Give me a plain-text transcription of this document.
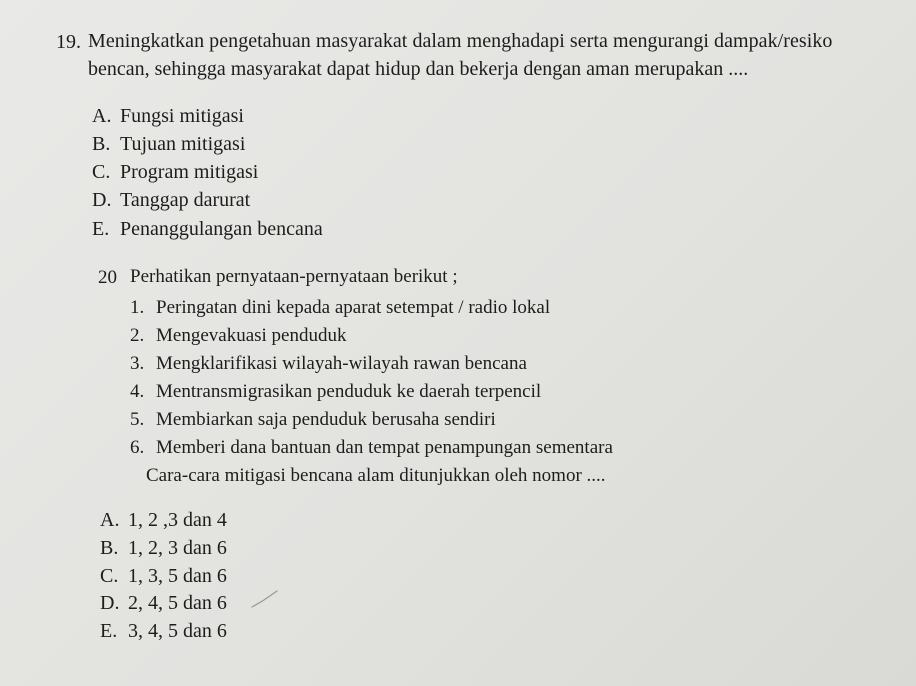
19. Meningkatkan pengetahuan masyarakat dalam menghadapi serta mengurangi dampak/resiko
bencan, sehingga masyarakat dapat hidup dan bekerja dengan aman merupakan ....
A. Fungsi mitigasi
B. Tujuan mitigasi
C. Program mitigasi
D. Tanggap darurat
E. Penanggulangan bencana
20 Perhatikan pernyataan-pernyataan berikut ;
1. Peringatan dini kepada aparat setempat / radio lokal
2. Mengevakuasi penduduk
3. Mengklarifikasi wilayah-wilayah rawan bencana
4. Mentransmigrasikan penduduk ke daerah terpencil
5. Membiarkan saja penduduk berusaha sendiri
6. Memberi dana bantuan dan tempat penampungan sementara
Cara-cara mitigasi bencana alam ditunjukkan oleh nomor ....
A. 1, 2 ,3 dan 4
B. 1, 2, 3 dan 6
C. 1, 3, 5 dan 6
D. 2, 4, 5 dan 6
E. 3, 4, 5 dan 6
